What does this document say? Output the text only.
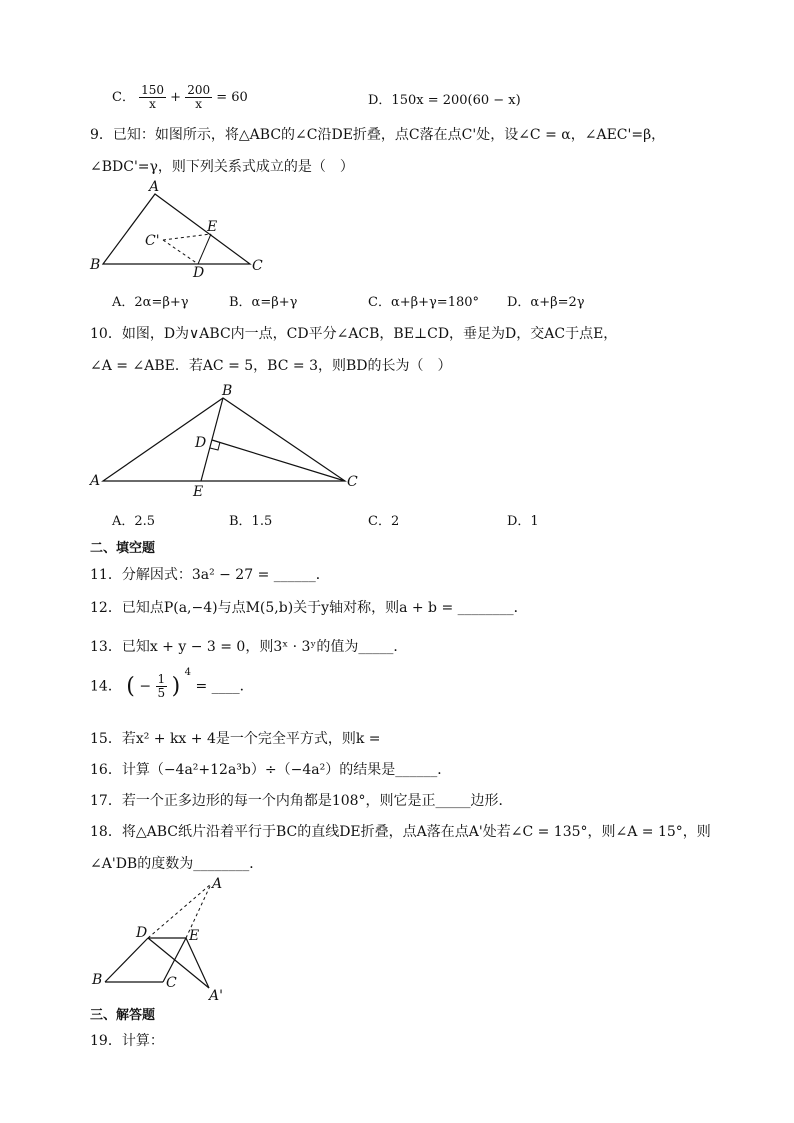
C． $\frac{150}{x} + \frac{200}{x} = 60$	D．150x = 200(60 − x)
9．已知：如图所示，将△ABC的∠C沿DE折叠，点C落在点C'处，设∠C = α，∠AEC'=β，
∠BDC'=γ，则下列关系式成立的是（　）
A
B	C
D
E
C'
A．2α=β+γ	B．α=β+γ	C．α+β+γ=180° D．α+β=2γ
10．如图，D为∨ABC内一点，CD平分∠ACB，BE⊥CD，垂足为D，交AC于点E，
∠A = ∠ABE．若AC = 5，BC = 3，则BD的长为（　）
A
B
C
D
E
A．2.5	B．1.5	C．2	D．1
二、填空题
11．分解因式：3a² − 27 = ______．
12．已知点P(a,−4)与点M(5,b)关于y轴对称，则a + b = ________．
13．已知x + y − 3 = 0，则3ˣ · 3ʸ的值为_____．
14． ( − $\frac{1}{5}$ ) $^4$ = ____．
15．若x² + kx + 4是一个完全平方式，则k =
16．计算（−4a²+12a³b）÷（−4a²）的结果是______．
17．若一个正多边形的每一个内角都是108°，则它是正_____边形．
18．将△ABC纸片沿着平行于BC的直线DE折叠，点A落在点A'处若∠C = 135°，则∠A = 15°，则
∠A'DB的度数为________．
A
B	C
D	E
A'
三、解答题
19．计算：
